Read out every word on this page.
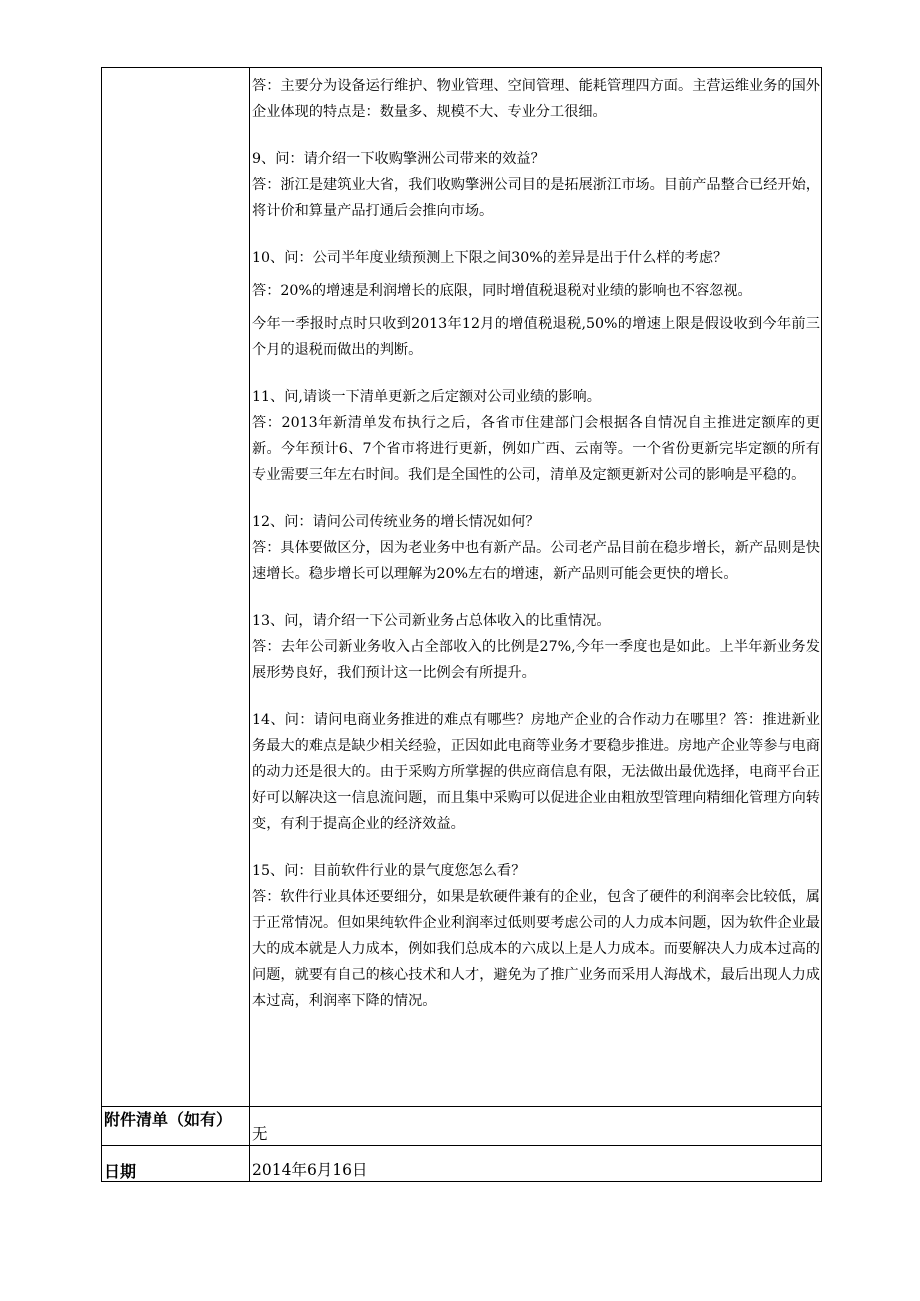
答：主要分为设备运行维护、物业管理、空间管理、能耗管理四方面。主营运维业务的国外企业体现的特点是：数量多、规模不大、专业分工很细。

9、问：请介绍一下收购擎洲公司带来的效益？

答：浙江是建筑业大省，我们收购擎洲公司目的是拓展浙江市场。目前产品整合已经开始，将计价和算量产品打通后会推向市场。

10、问：公司半年度业绩预测上下限之间30%的差异是出于什么样的考虑？

答：20%的增速是利润增长的底限，同时增值税退税对业绩的影响也不容忽视。

今年一季报时点时只收到2013年12月的增值税退税,50%的增速上限是假设收到今年前三个月的退税而做出的判断。

11、问,请谈一下清单更新之后定额对公司业绩的影响。

答：2013年新清单发布执行之后，各省市住建部门会根据各自情况自主推进定额库的更新。今年预计6、7个省市将进行更新，例如广西、云南等。一个省份更新完毕定额的所有专业需要三年左右时间。我们是全国性的公司，清单及定额更新对公司的影响是平稳的。

12、问：请问公司传统业务的增长情况如何？

答：具体要做区分，因为老业务中也有新产品。公司老产品目前在稳步增长，新产品则是快速增长。稳步增长可以理解为20%左右的增速，新产品则可能会更快的增长。

13、问，请介绍一下公司新业务占总体收入的比重情况。

答：去年公司新业务收入占全部收入的比例是27%,今年一季度也是如此。上半年新业务发展形势良好，我们预计这一比例会有所提升。

14、问：请问电商业务推进的难点有哪些？房地产企业的合作动力在哪里？答：推进新业务最大的难点是缺少相关经验，正因如此电商等业务才要稳步推进。房地产企业等参与电商的动力还是很大的。由于采购方所掌握的供应商信息有限，无法做出最优选择，电商平台正好可以解决这一信息流问题，而且集中采购可以促进企业由粗放型管理向精细化管理方向转变，有利于提高企业的经济效益。

15、问：目前软件行业的景气度您怎么看？

答：软件行业具体还要细分，如果是软硬件兼有的企业，包含了硬件的利润率会比较低，属于正常情况。但如果纯软件企业利润率过低则要考虑公司的人力成本问题，因为软件企业最大的成本就是人力成本，例如我们总成本的六成以上是人力成本。而要解决人力成本过高的问题，就要有自己的核心技术和人才，避免为了推广业务而采用人海战术，最后出现人力成本过高，利润率下降的情况。

附件清单（如有）
无
日期	2014年6月16日
